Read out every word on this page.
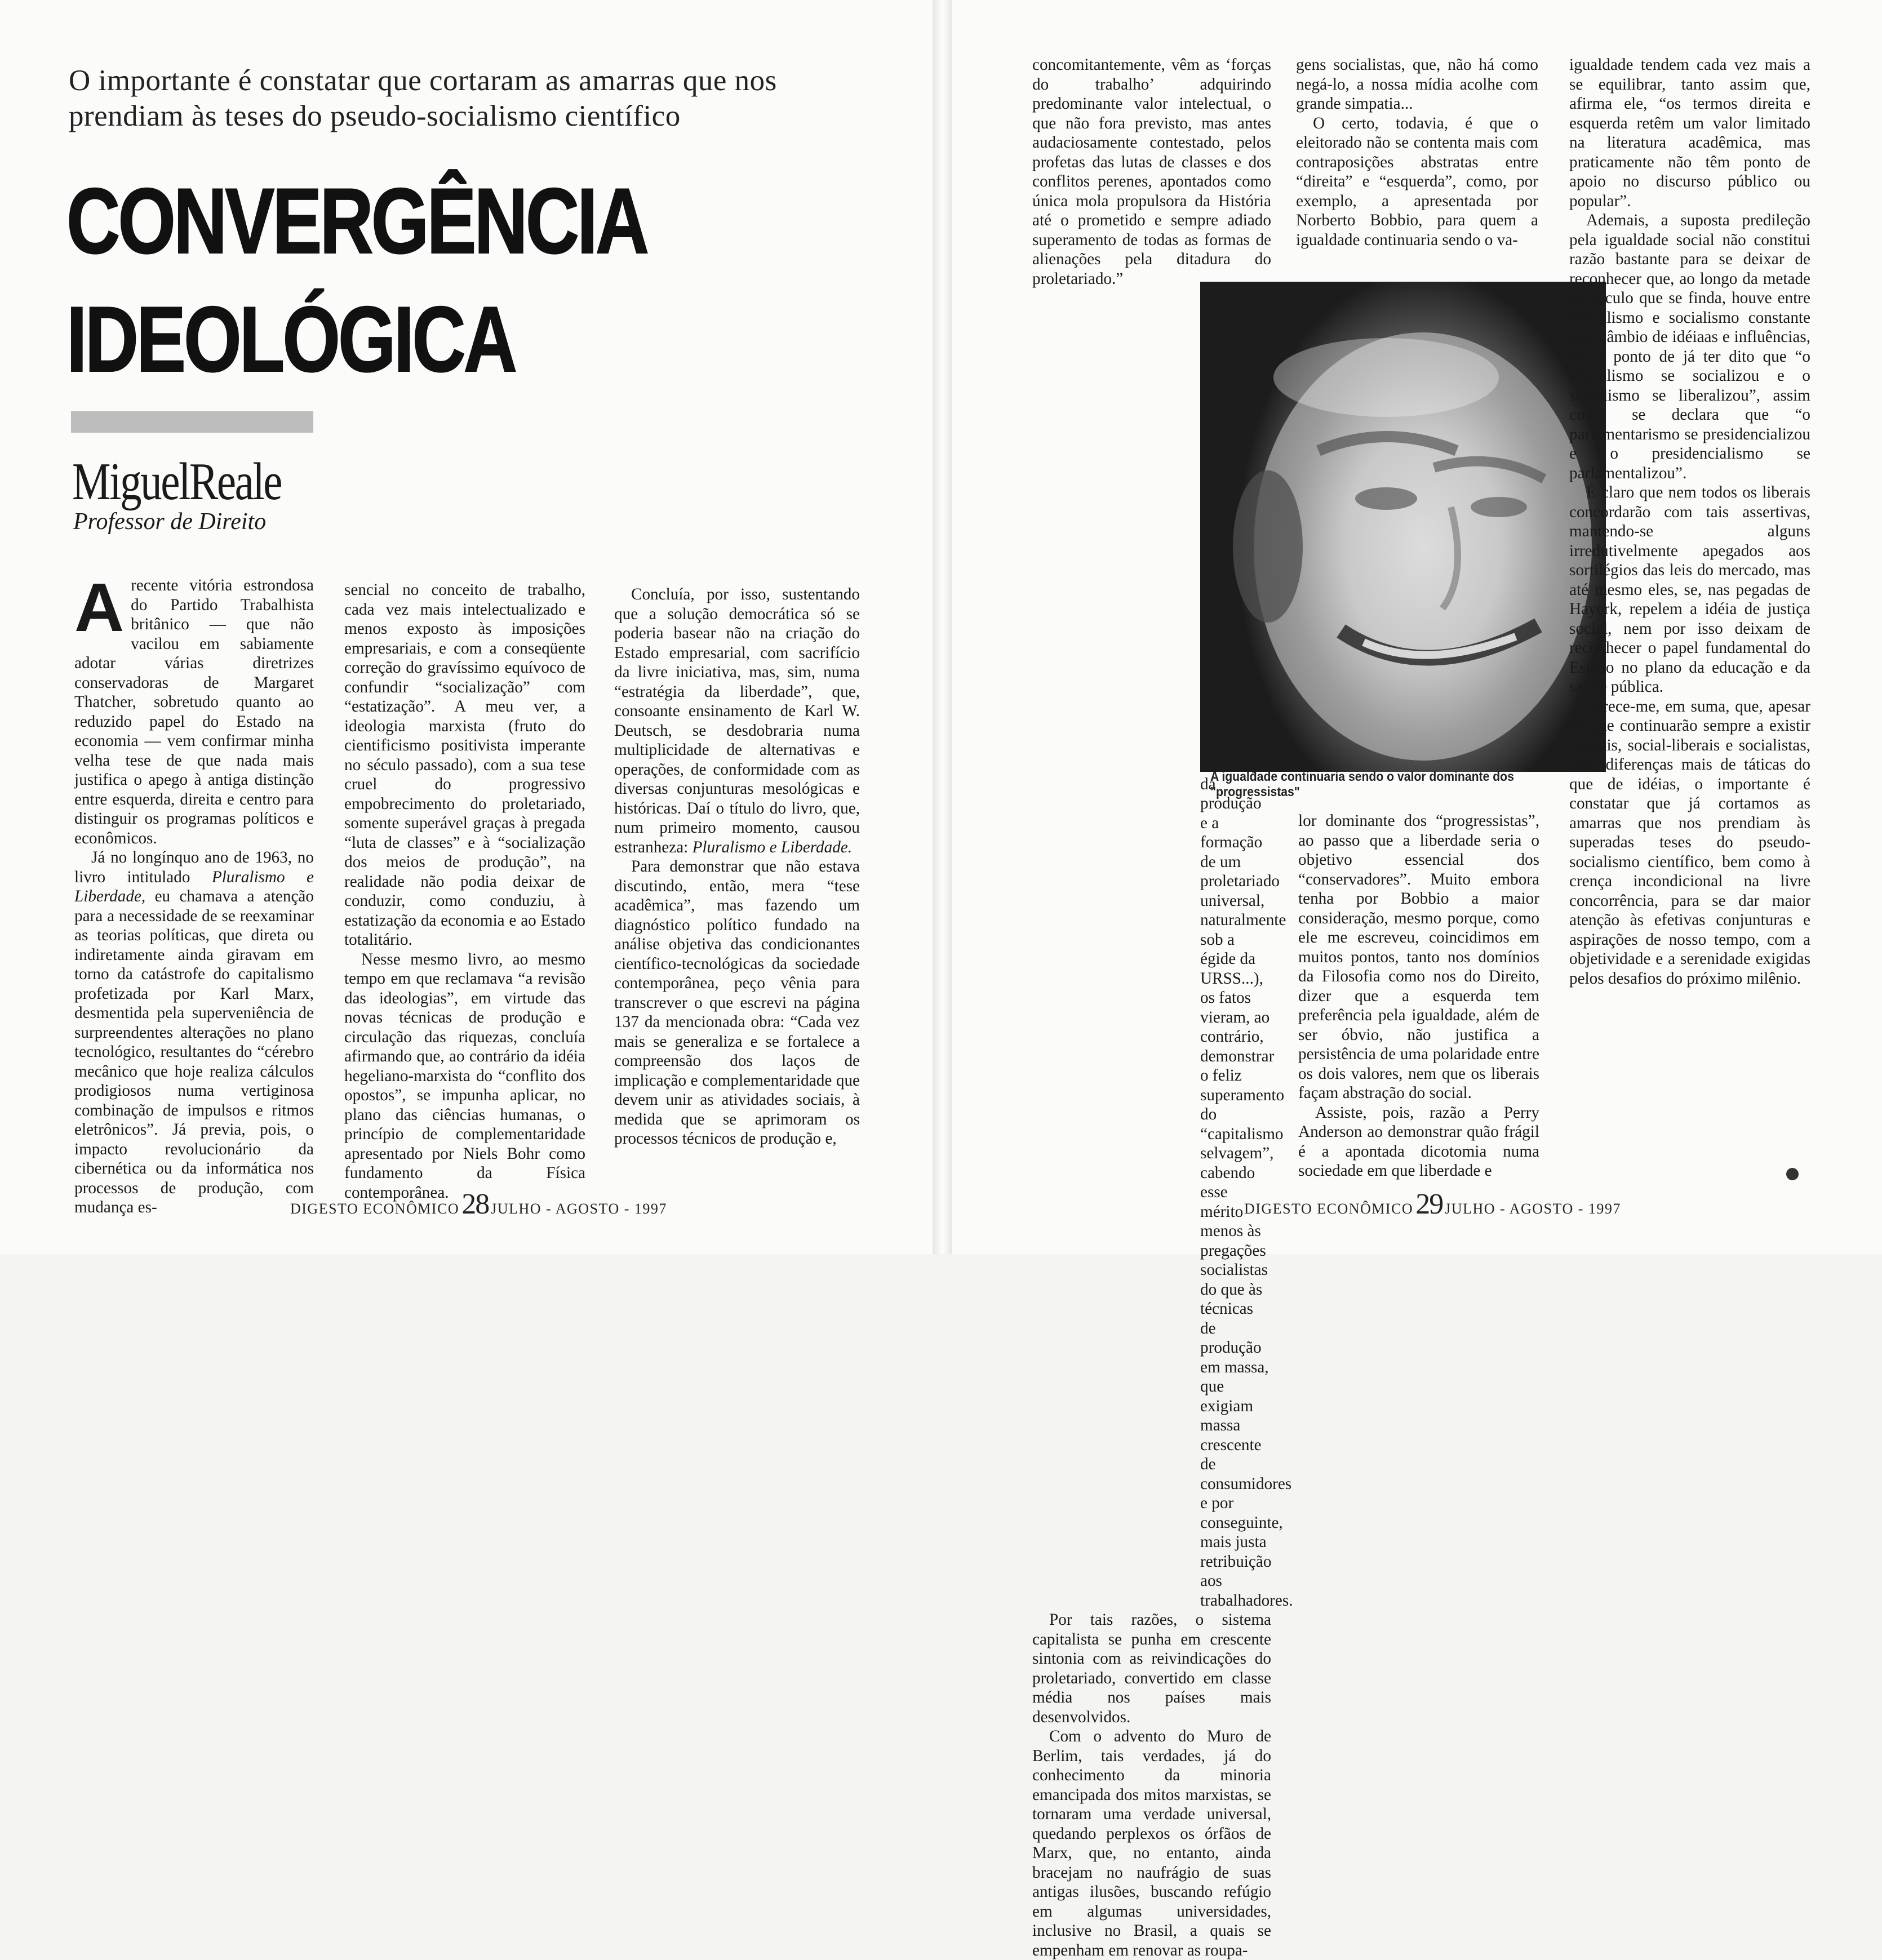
O importante é constatar que cortaram as amarras que nos prendiam às teses do pseudo-socialismo científico
CONVERGÊNCIA
IDEOLÓGICA
MiguelReale
Professor de Direito

Arecente vitória estrondosa do Partido Trabalhista britânico — que não vacilou em sabiamente adotar várias diretrizes conservadoras de Margaret Thatcher, sobretudo quanto ao reduzido papel do Estado na economia — vem confirmar minha velha tese de que nada mais justifica o apego à antiga distinção entre esquerda, direita e centro para distinguir os programas políticos e econômicos.

Já no longínquo ano de 1963, no livro intitulado Pluralismo e Liberdade, eu chamava a atenção para a necessidade de se reexaminar as teorias políticas, que direta ou indiretamente ainda giravam em torno da catástrofe do capitalismo profetizada por Karl Marx, desmentida pela superveniência de surpreendentes alterações no plano tecnológico, resultantes do “cérebro mecânico que hoje realiza cálculos prodigiosos numa vertiginosa combinação de impulsos e ritmos eletrônicos”. Já previa, pois, o impacto revolucionário da cibernética ou da informática nos processos de produção, com mudança es-

sencial no conceito de trabalho, cada vez mais intelectualizado e menos exposto às imposições empresariais, e com a conseqüente correção do gravíssimo equívoco de confundir “socialização” com “estatização”. A meu ver, a ideologia marxista (fruto do cientificismo positivista imperante no século passado), com a sua tese cruel do progressivo empobrecimento do proletariado, somente superável graças à pregada “luta de classes” e à “socialização dos meios de produção”, na realidade não podia deixar de conduzir, como conduziu, à estatização da economia e ao Estado totalitário.

Nesse mesmo livro, ao mesmo tempo em que reclamava “a revisão das ideologias”, em virtude das novas técnicas de produção e circulação das riquezas, concluía afirmando que, ao contrário da idéia hegeliano-marxista do “conflito dos opostos”, se impunha aplicar, no plano das ciências humanas, o princípio de complementaridade apresentado por Niels Bohr como fundamento da Física contemporânea.

Concluía, por isso, sustentando que a solução democrática só se poderia basear não na criação do Estado empresarial, com sacrifício da livre iniciativa, mas, sim, numa “estratégia da liberdade”, que, consoante ensinamento de Karl W. Deutsch, se desdobraria numa multiplicidade de alternativas e operações, de conformidade com as diversas conjunturas mesológicas e históricas. Daí o título do livro, que, num primeiro momento, causou estranheza: Pluralismo e Liberdade.

Para demonstrar que não estava discutindo, então, mera “tese acadêmica”, mas fazendo um diagnóstico político fundado na análise objetiva das condicionantes científico-tecnológicas da sociedade contemporânea, peço vênia para transcrever o que escrevi na página 137 da mencionada obra: “Cada vez mais se generaliza e se fortalece a compreensão dos laços de implicação e complementaridade que devem unir as atividades sociais, à medida que se aprimoram os processos técnicos de produção e,

DIGESTO ECONÔMICO 28 JULHO - AGOSTO - 1997

concomitantemente, vêm as ‘forças do trabalho’ adquirindo predominante valor intelectual, o que não fora previsto, mas antes audaciosamente contestado, pelos profetas das lutas de classes e dos conflitos perenes, apontados como única mola propulsora da História até o prometido e sempre adiado superamento de todas as formas de alienações pela ditadura do proletariado.”

da produção e a formação de um proletariado universal, naturalmente sob a égide da URSS...), os fatos vieram, ao contrário, demonstrar o feliz superamento do “capitalismo selvagem”, cabendo esse mérito menos às pregações socialistas do que às técnicas de produção em massa, que exigiam massa crescente de consumidores e por conseguinte, mais justa retribuição aos trabalhadores.

Por tais razões, o sistema capitalista se punha em crescente sintonia com as reivindicações do proletariado, convertido em classe média nos países mais desenvolvidos.

Com o advento do Muro de Berlim, tais verdades, já do conhecimento da minoria emancipada dos mitos marxistas, se tornaram uma verdade universal, quedando perplexos os órfãos de Marx, que, no entanto, ainda bracejam no naufrágio de suas antigas ilusões, buscando refúgio em algumas universidades, inclusive no Brasil, a quais se empenham em renovar as roupa-

gens socialistas, que, não há como negá-lo, a nossa mídia acolhe com grande simpatia...

O certo, todavia, é que o eleitorado não se contenta mais com contraposições abstratas entre “direita” e “esquerda”, como, por exemplo, a apresentada por Norberto Bobbio, para quem a igualdade continuaria sendo o va-

A igualdade continuaria sendo o valor dominante dos "progressistas"

lor dominante dos “progressistas”, ao passo que a liberdade seria o objetivo essencial dos “conservadores”. Muito embora tenha por Bobbio a maior consideração, mesmo porque, como ele me escreveu, coincidimos em muitos pontos, tanto nos domínios da Filosofia como nos do Direito, dizer que a esquerda tem preferência pela igualdade, além de ser óbvio, não justifica a persistência de uma polaridade entre os dois valores, nem que os liberais façam abstração do social.

Assiste, pois, razão a Perry Anderson ao demonstrar quão frágil é a apontada dicotomia numa sociedade em que liberdade e

igualdade tendem cada vez mais a se equilibrar, tanto assim que, afirma ele, “os termos direita e esquerda retêm um valor limitado na literatura acadêmica, mas praticamente não têm ponto de apoio no discurso público ou popular”.

Ademais, a suposta predileção pela igualdade social não constitui razão bastante para se deixar de reconhecer que, ao longo da metade do século que se finda, houve entre liberalismo e socialismo constante intercâmbio de idéiaas e influências, até o ponto de já ter dito que “o liberalismo se socializou e o socialismo se liberalizou”, assim como se declara que “o parlamentarismo se presidencializou e o presidencialismo se parlamentalizou”.

É claro que nem todos os liberais concordarão com tais assertivas, mantendo-se alguns irredutivelmente apegados aos sortilégios das leis do mercado, mas até mesmo eles, se, nas pegadas de Hayerk, repelem a idéia de justiça social, nem por isso deixam de reconhecer o papel fundamental do Estado no plano da educação e da saúde pública.

Parece-me, em suma, que, apesar de que continuarão sempre a existir liberais, social-liberais e socialistas, com diferenças mais de táticas do que de idéias, o importante é constatar que já cortamos as amarras que nos prendiam às superadas teses do pseudo-socialismo científico, bem como à crença incondicional na livre concorrência, para se dar maior atenção às efetivas conjunturas e aspirações de nosso tempo, com a objetividade e a serenidade exigidas pelos desafios do próximo milênio.

DIGESTO ECONÔMICO 29 JULHO - AGOSTO - 1997
